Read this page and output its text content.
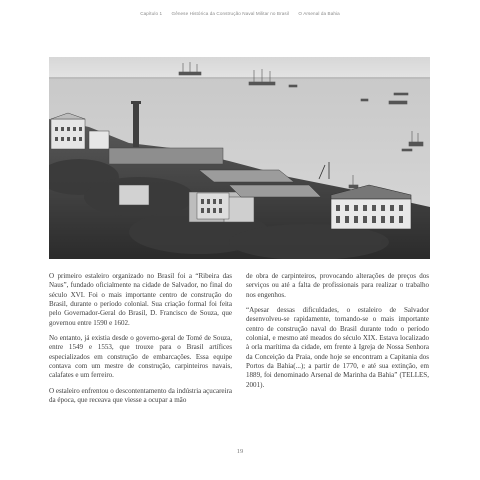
Capítulo 1 Gênese Histórica da Construção Naval Militar no Brasil O Arsenal da Bahia

O primeiro estaleiro organizado no Brasil foi a “Ribeira das Naus”, fundado oficialmente na cidade de Salvador, no final do século XVI. Foi o mais importante centro de construção do Brasil, durante o período colonial. Sua criação formal foi feita pelo Governador-Geral do Brasil, D. Francisco de Souza, que governou entre 1590 e 1602.

No entanto, já existia desde o governo-geral de Tomé de Souza, entre 1549 e 1553, que trouxe para o Brasil artífices especializados em construção de embarcações. Essa equipe contava com um mestre de construção, carpinteiros navais, calafates e um ferreiro.

O estaleiro enfrentou o descontentamento da indústria açucareira da época, que receava que viesse a ocupar a mão

de obra de carpinteiros, provocando alterações de preços dos serviços ou até a falta de profissionais para realizar o trabalho nos engenhos.

“Apesar dessas dificuldades, o estaleiro de Salvador desenvolveu-se rapidamente, tornando-se o mais importante centro de construção naval do Brasil durante todo o período colonial, e mesmo até meados do século XIX. Estava localizado à orla marítima da cidade, em frente à Igreja de Nossa Senhora da Conceição da Praia, onde hoje se encontram a Capitania dos Portos da Bahia(...); a partir de 1770, e até sua extinção, em 1889, foi denominado Arsenal de Marinha da Bahia” (TELLES, 2001).

19
